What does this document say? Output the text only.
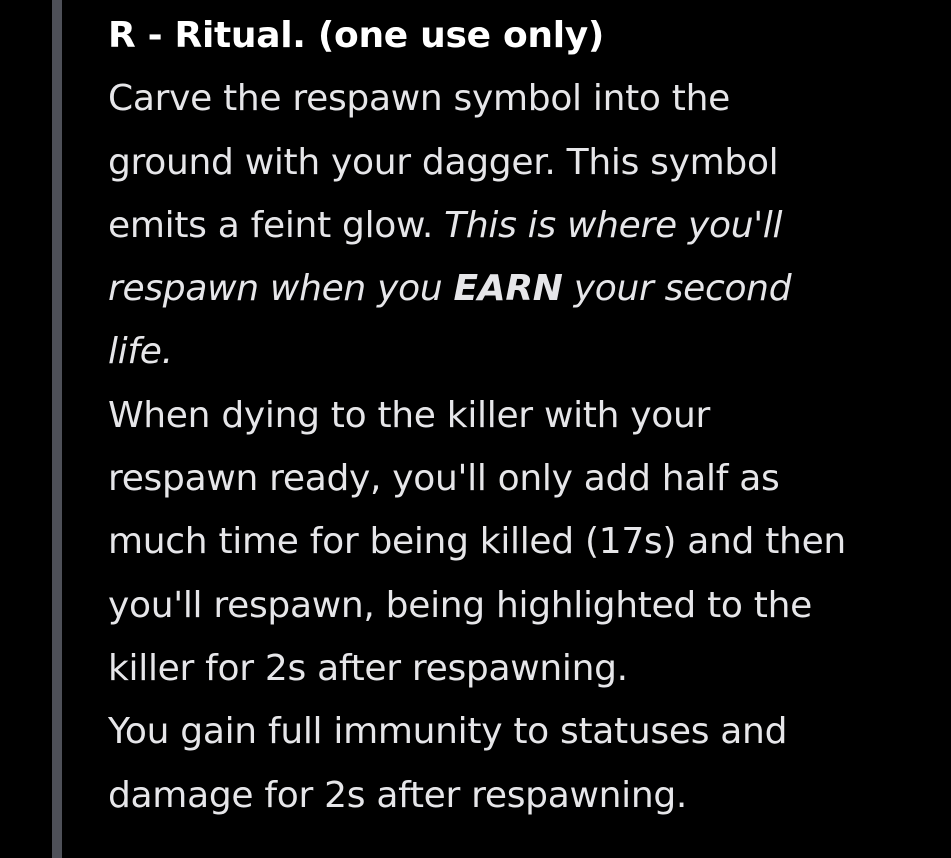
R - Ritual. (one use only)
Carve the respawn symbol into the
ground with your dagger. This symbol
emits a feint glow. This is where you'll
respawn when you EARN your second
life.
When dying to the killer with your
respawn ready, you'll only add half as
much time for being killed (17s) and then
you'll respawn, being highlighted to the
killer for 2s after respawning.
You gain full immunity to statuses and
damage for 2s after respawning.
